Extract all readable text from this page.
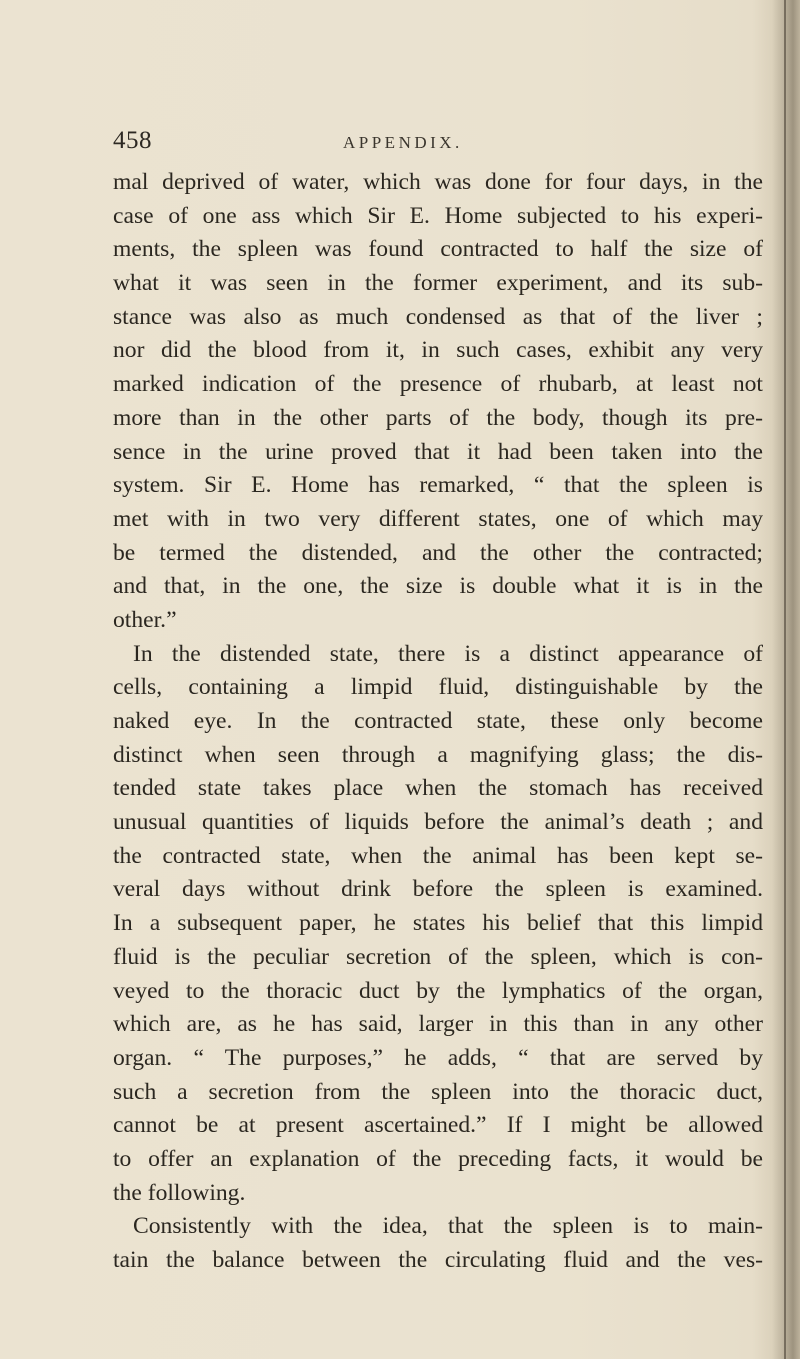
458	APPENDIX.
mal deprived of water, which was done for four days, in the
case of one ass which Sir E. Home subjected to his experi-
ments, the spleen was found contracted to half the size of
what it was seen in the former experiment, and its sub-
stance was also as much condensed as that of the liver ;
nor did the blood from it, in such cases, exhibit any very
marked indication of the presence of rhubarb, at least not
more than in the other parts of the body, though its pre-
sence in the urine proved that it had been taken into the
system. Sir E. Home has remarked, “ that the spleen is
met with in two very different states, one of which may
be termed the distended, and the other the contracted;
and that, in the one, the size is double what it is in the
other.”
In the distended state, there is a distinct appearance of
cells, containing a limpid fluid, distinguishable by the
naked eye. In the contracted state, these only become
distinct when seen through a magnifying glass; the dis-
tended state takes place when the stomach has received
unusual quantities of liquids before the animal’s death ; and
the contracted state, when the animal has been kept se-
veral days without drink before the spleen is examined.
In a subsequent paper, he states his belief that this limpid
fluid is the peculiar secretion of the spleen, which is con-
veyed to the thoracic duct by the lymphatics of the organ,
which are, as he has said, larger in this than in any other
organ. “ The purposes,” he adds, “ that are served by
such a secretion from the spleen into the thoracic duct,
cannot be at present ascertained.” If I might be allowed
to offer an explanation of the preceding facts, it would be
the following.
Consistently with the idea, that the spleen is to main-
tain the balance between the circulating fluid and the ves-
